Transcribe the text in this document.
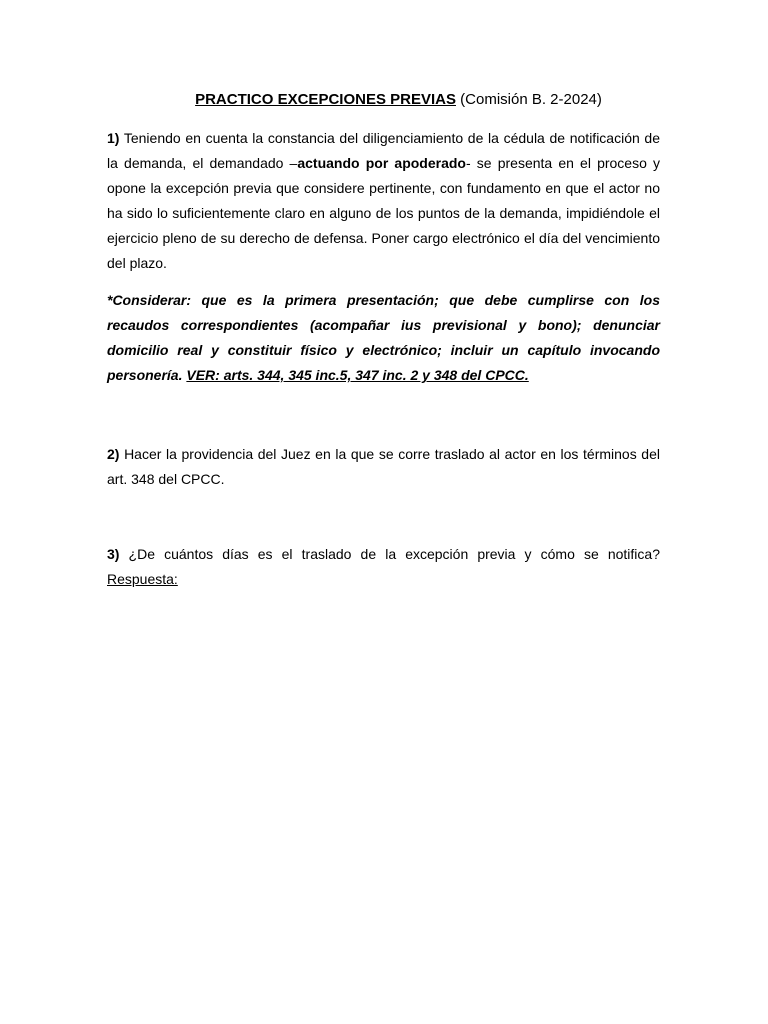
PRACTICO EXCEPCIONES PREVIAS (Comisión B. 2-2024)

1) Teniendo en cuenta la constancia del diligenciamiento de la cédula de notificación de la demanda, el demandado –actuando por apoderado- se presenta en el proceso y opone la excepción previa que considere pertinente, con fundamento en que el actor no ha sido lo suficientemente claro en alguno de los puntos de la demanda, impidiéndole el ejercicio pleno de su derecho de defensa. Poner cargo electrónico el día del vencimiento del plazo.

*Considerar: que es la primera presentación; que debe cumplirse con los recaudos correspondientes (acompañar ius previsional y bono); denunciar domicilio real y constituir físico y electrónico; incluir un capítulo invocando personería. VER: arts. 344, 345 inc.5, 347 inc. 2 y 348 del CPCC.

2) Hacer la providencia del Juez en la que se corre traslado al actor en los términos del art. 348 del CPCC.

3) ¿De cuántos días es el traslado de la excepción previa y cómo se notifica? Respuesta:
